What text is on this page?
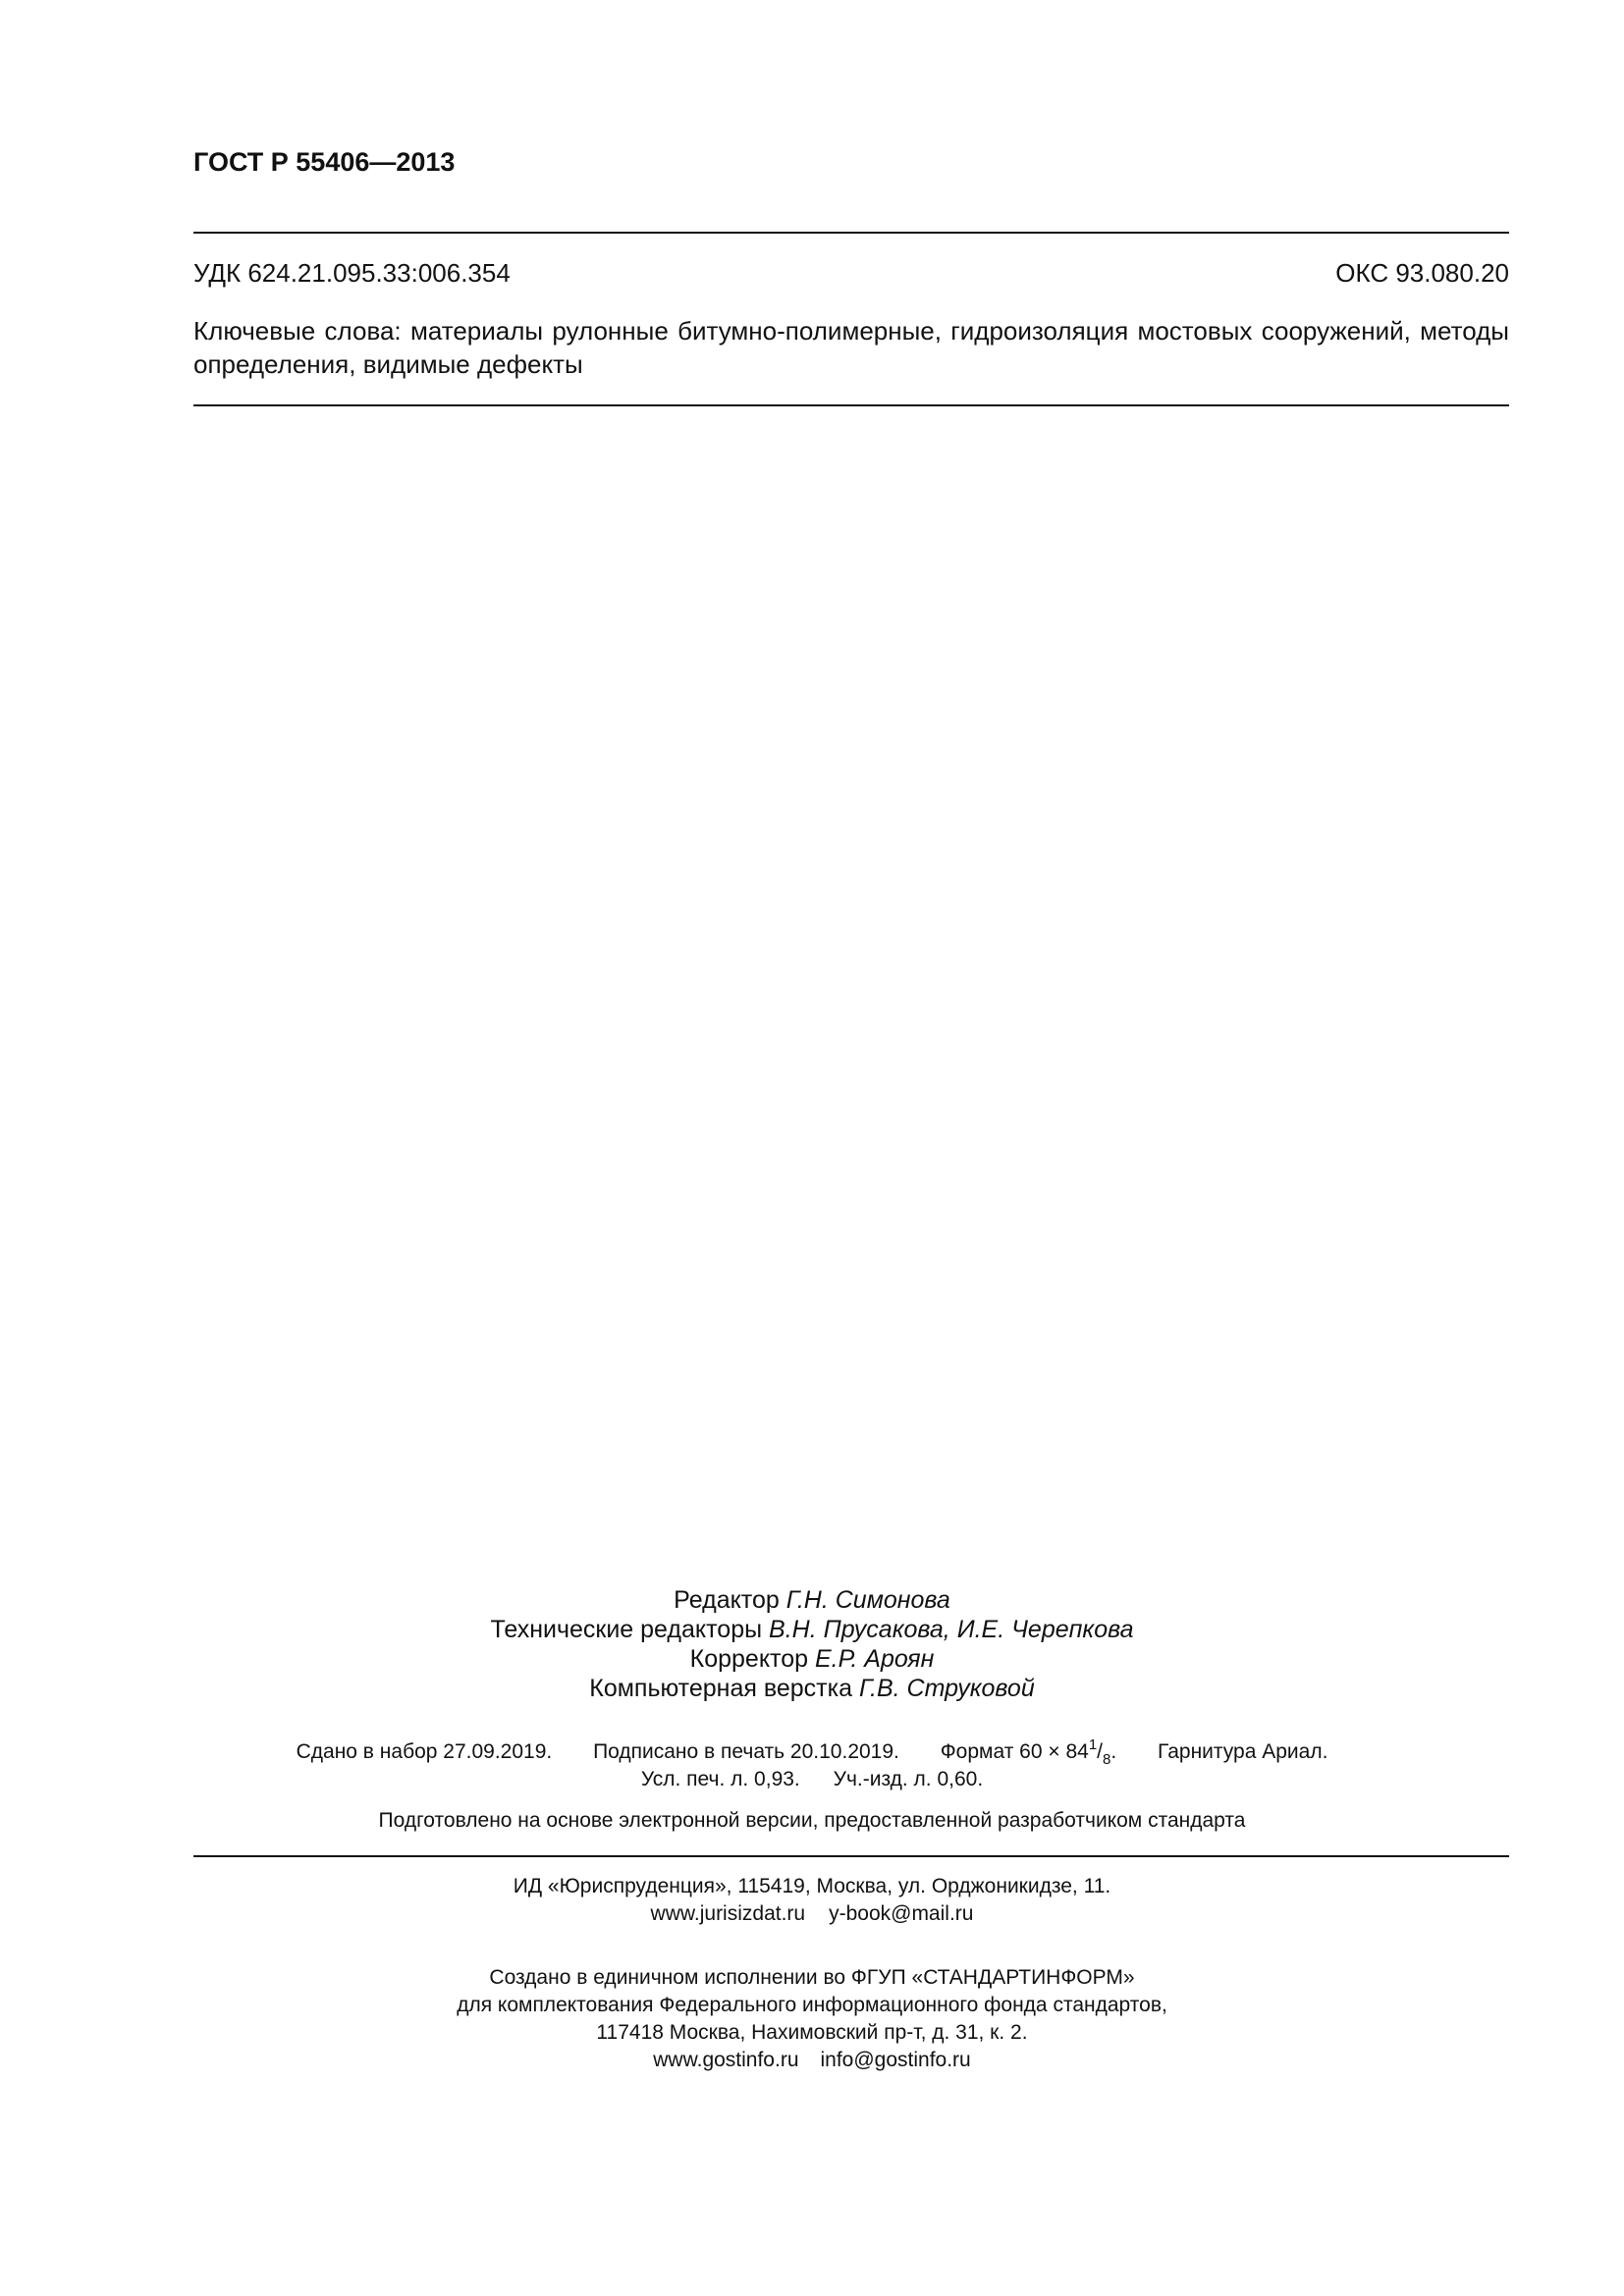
ГОСТ Р 55406—2013
УДК 624.21.095.33:006.354	ОКС 93.080.20
Ключевые слова: материалы рулонные битумно-полимерные, гидроизоляция мостовых сооружений, методы определения, видимые дефекты
Редактор Г.Н. Симонова
Технические редакторы В.Н. Прусакова, И.Е. Черепкова
Корректор Е.Р. Ароян
Компьютерная верстка Г.В. Струковой
Сдано в набор 27.09.2019. Подписано в печать 20.10.2019. Формат $60 \times 84^1/_8$. Гарнитура Ариал.
Усл. печ. л. 0,93. Уч.-изд. л. 0,60.
Подготовлено на основе электронной версии, предоставленной разработчиком стандарта
ИД «Юриспруденция», 115419, Москва, ул. Орджоникидзе, 11.
www.jurisizdat.ru y-book@mail.ru
Создано в единичном исполнении во ФГУП «СТАНДАРТИНФОРМ»
для комплектования Федерального информационного фонда стандартов,
117418 Москва, Нахимовский пр-т, д. 31, к. 2.
www.gostinfo.ru info@gostinfo.ru
